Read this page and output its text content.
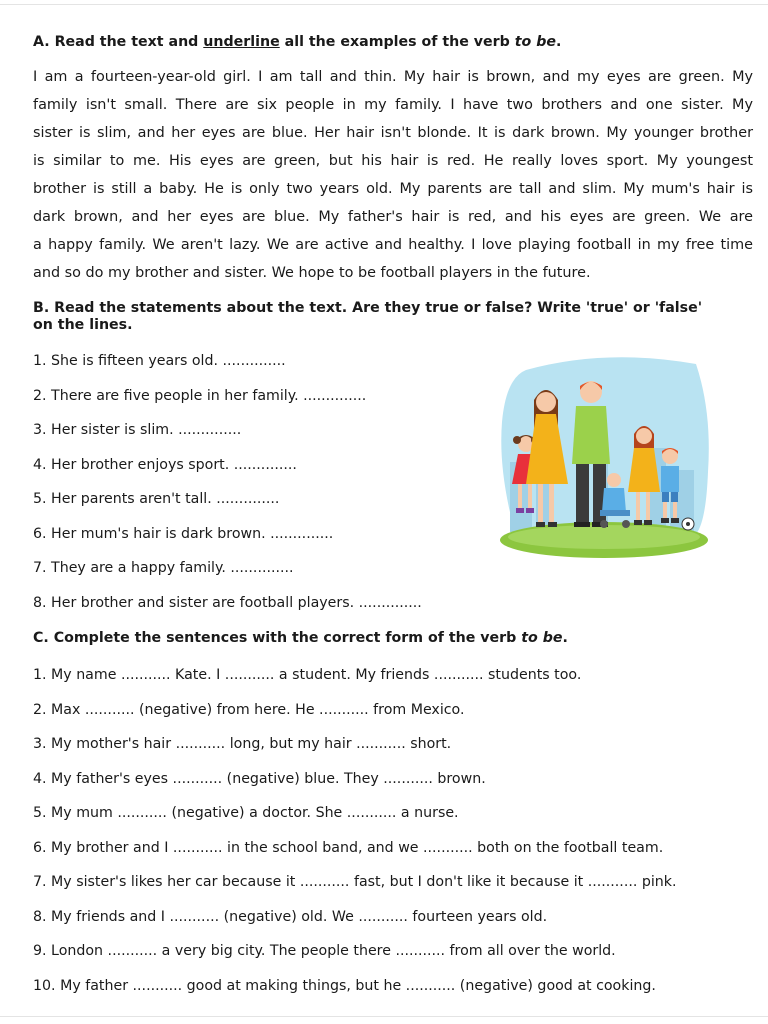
A. Read the text and underline all the examples of the verb to be.
I am a fourteen-year-old girl. I am tall and thin. My hair is brown, and my eyes are green. My
family isn't small. There are six people in my family. I have two brothers and one sister. My
sister is slim, and her eyes are blue. Her hair isn't blonde. It is dark brown. My younger brother
is similar to me. His eyes are green, but his hair is red. He really loves sport. My youngest
brother is still a baby. He is only two years old. My parents are tall and slim. My mum's hair is
dark brown, and her eyes are blue. My father's hair is red, and his eyes are green. We are
a happy family. We aren't lazy. We are active and healthy. I love playing football in my free time
and so do my brother and sister. We hope to be football players in the future.
B. Read the statements about the text. Are they true or false? Write 'true' or 'false'
on the lines.
1. She is fifteen years old. ..............
2. There are five people in her family. ..............
3. Her sister is slim. ..............
4. Her brother enjoys sport. ..............
5. Her parents aren't tall. ..............
6. Her mum's hair is dark brown. ..............
7. They are a happy family. ..............
8. Her brother and sister are football players. ..............
C. Complete the sentences with the correct form of the verb to be.
1. My name ........... Kate. I ........... a student. My friends ........... students too.
2. Max ........... (negative) from here. He ........... from Mexico.
3. My mother's hair ........... long, but my hair ........... short.
4. My father's eyes ........... (negative) blue. They ........... brown.
5. My mum ........... (negative) a doctor. She ........... a nurse.
6. My brother and I ........... in the school band, and we ........... both on the football team.
7. My sister's likes her car because it ........... fast, but I don't like it because it ........... pink.
8. My friends and I ........... (negative) old. We ........... fourteen years old.
9. London ........... a very big city. The people there ........... from all over the world.
10. My father ........... good at making things, but he ........... (negative) good at cooking.
